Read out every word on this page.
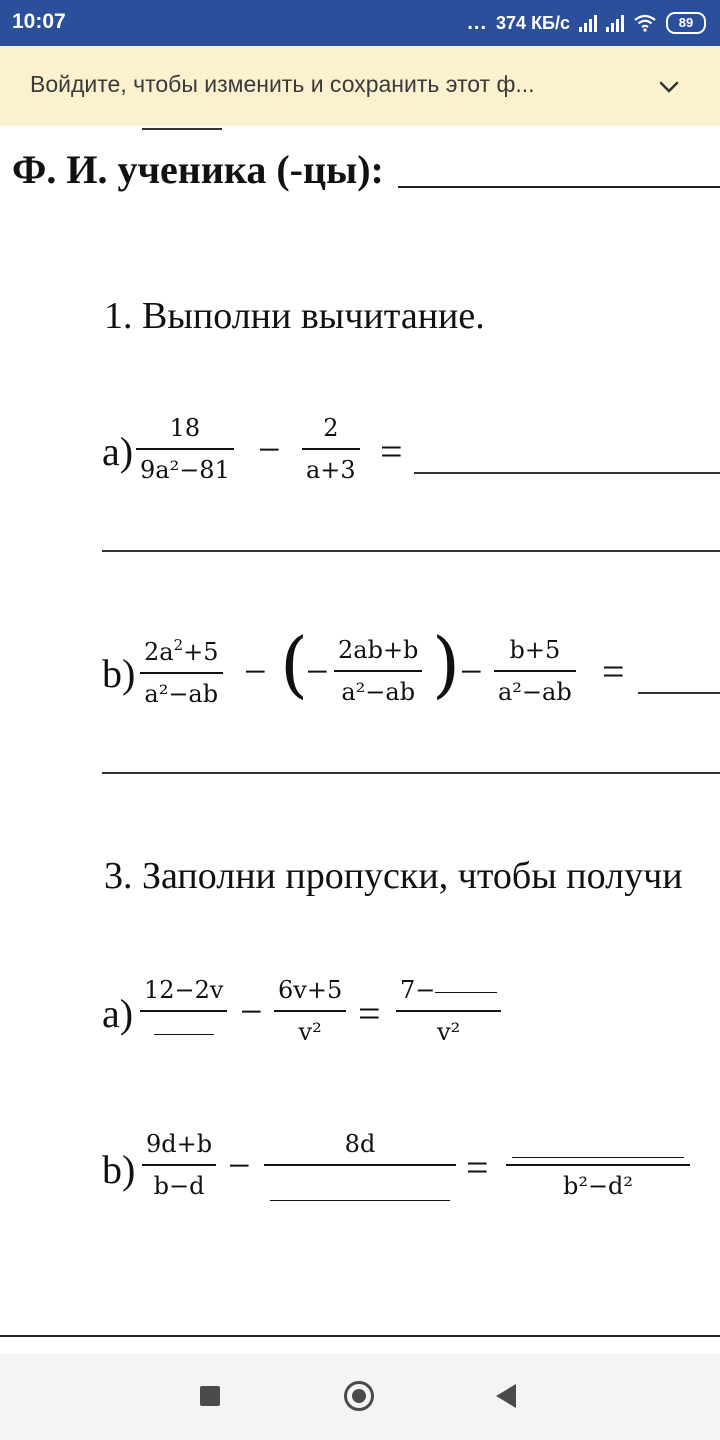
10:07	... 374 КБ/с	89
Войдите, чтобы изменить и сохранить этот ф...
Ф. И. ученика (-цы):
1. Выполни вычитание.
a)
18
9a²−81 − 2
a+3 =
b) $2a^2+5$
a²−ab − (
− 2ab+b
a²−ab ) − b+5
a²−ab =
3. Заполни пропуски, чтобы получи
a)
12−2v − 6v+5
v² =
7−
v²
b)
9d+b
b−d −	8d
=	b²−d²
